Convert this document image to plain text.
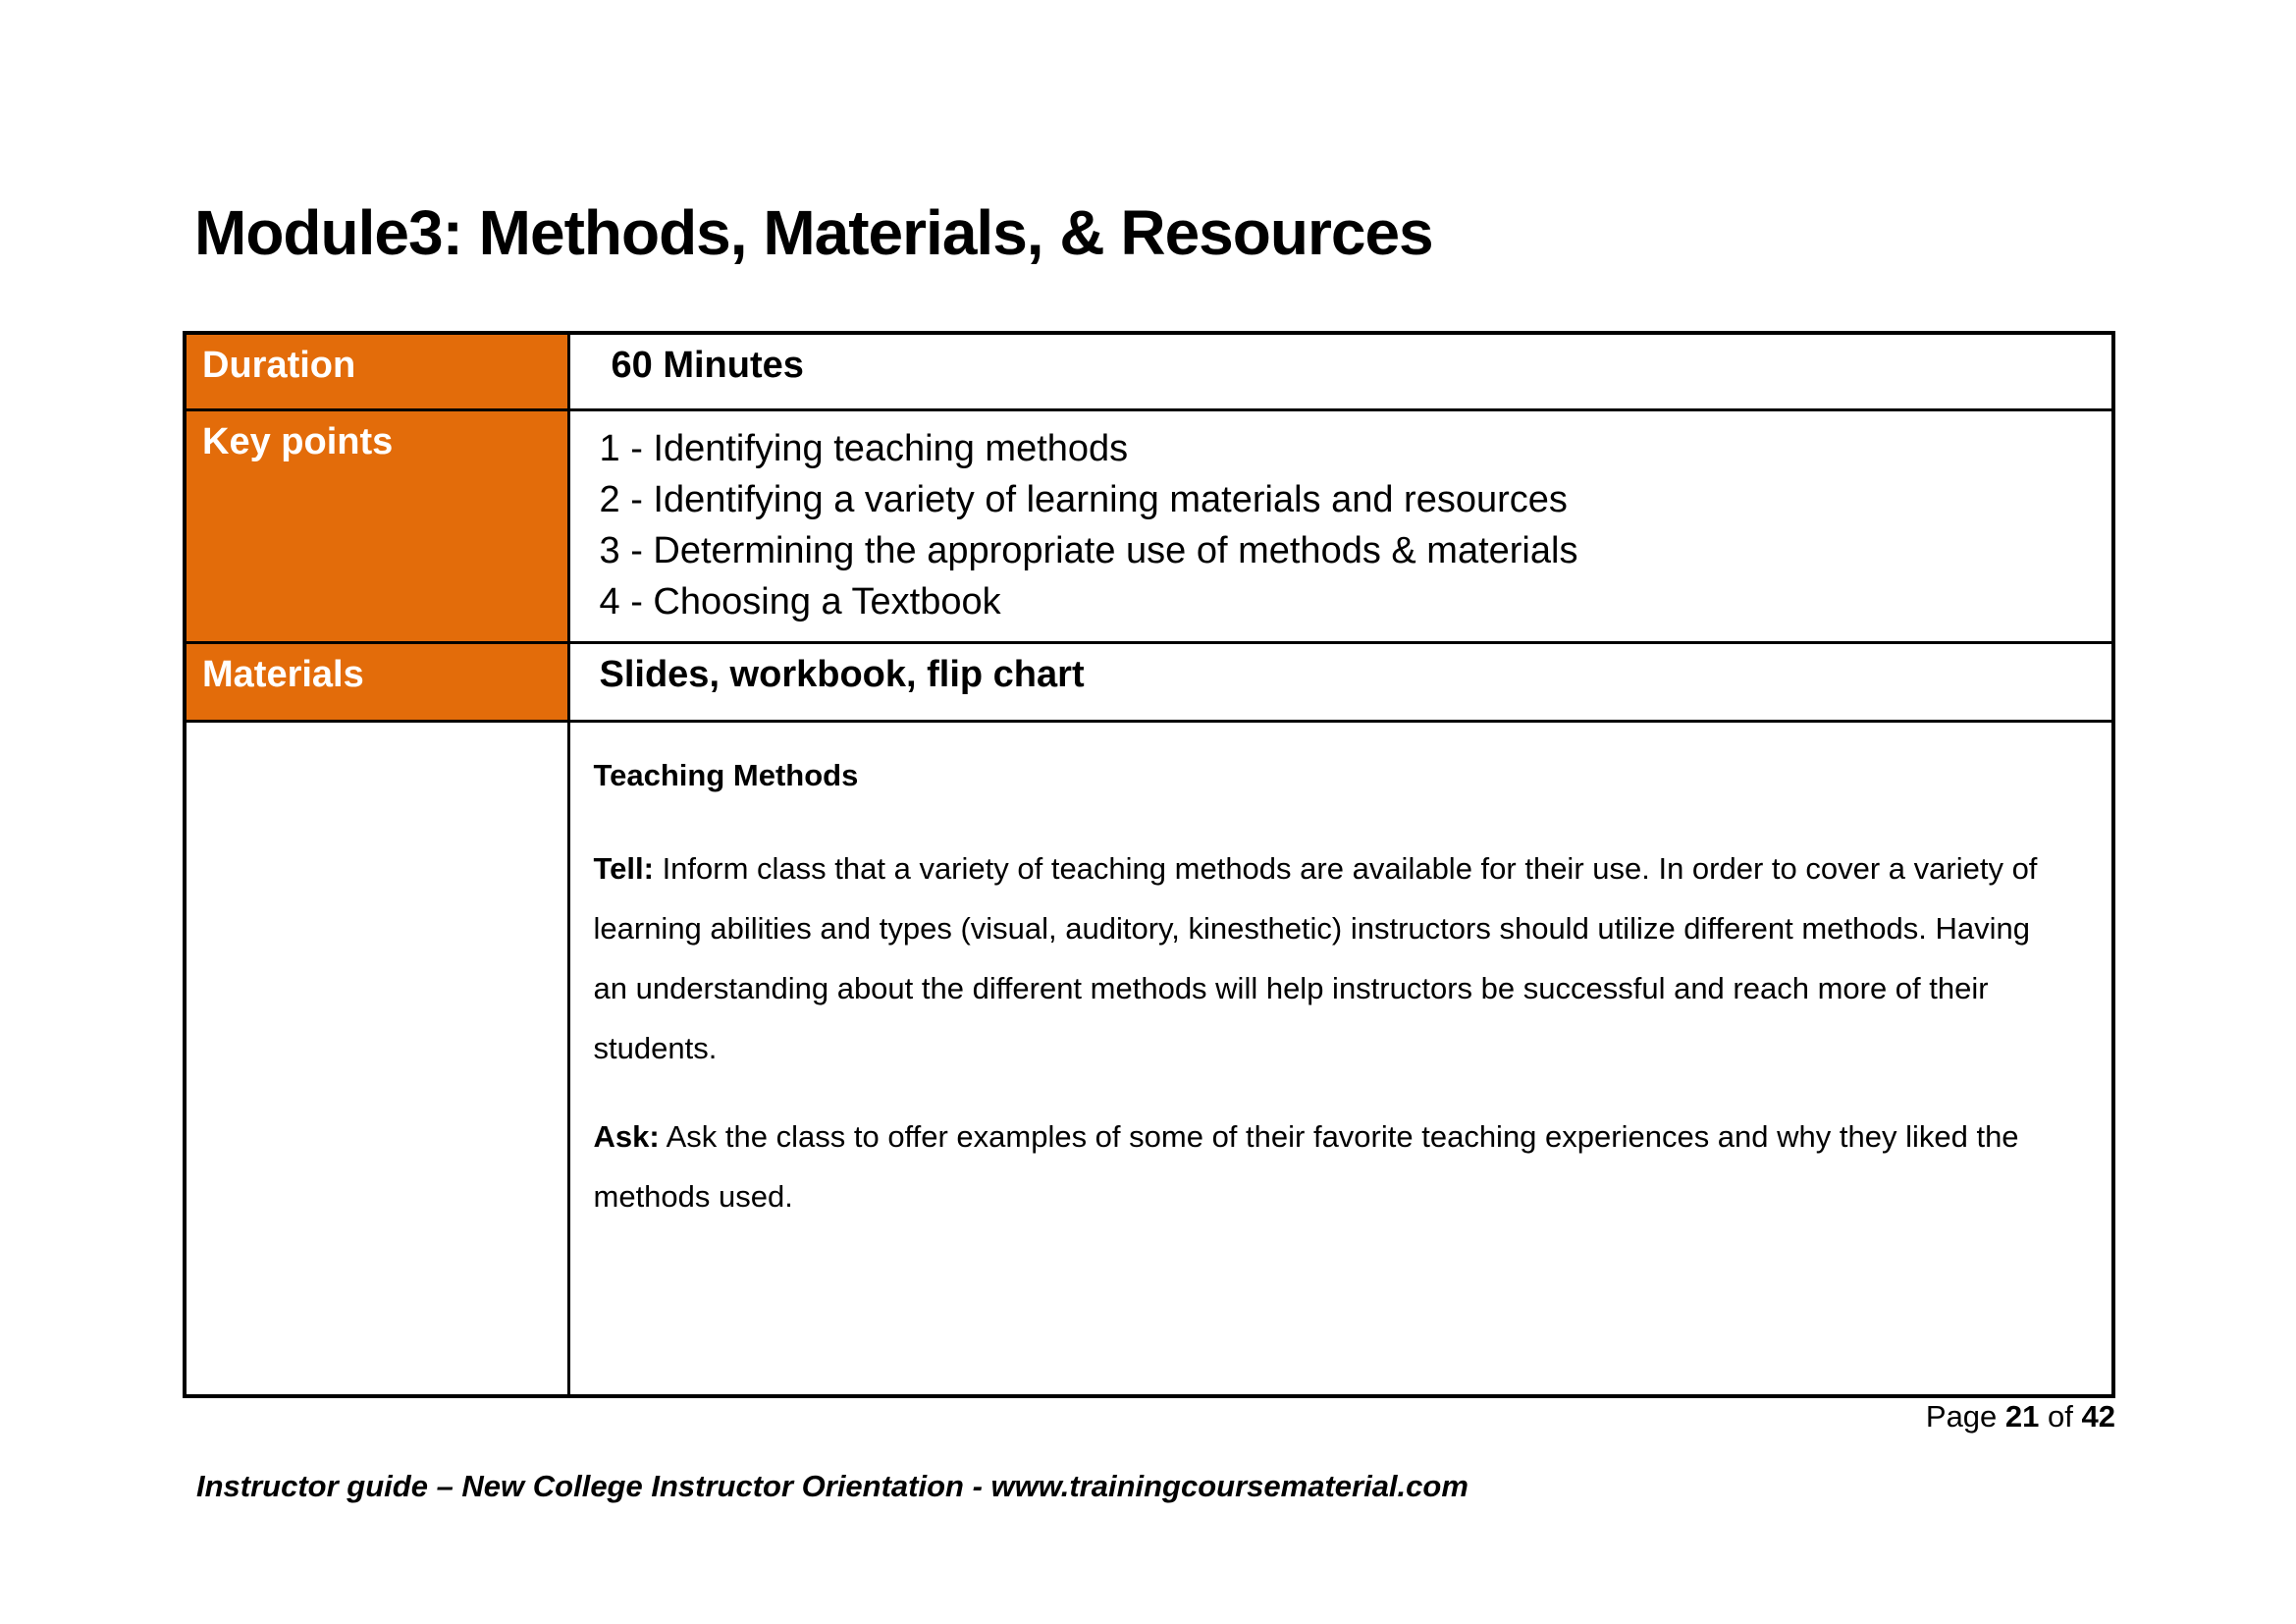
Module3: Methods, Materials, & Resources
Duration	60 Minutes
Key points	1 - Identifying teaching methods
2 - Identifying a variety of learning materials and resources
3 - Determining the appropriate use of methods & materials
4 - Choosing a Textbook

Materials	Slides, workbook, flip chart

	Teaching Methods

Tell: Inform class that a variety of teaching methods are available for their use. In order to cover a variety of learning abilities and types (visual, auditory, kinesthetic) instructors should utilize different methods. Having an understanding about the different methods will help instructors be successful and reach more of their students.

Ask: Ask the class to offer examples of some of their favorite teaching experiences and why they liked the methods used.

Page 21 of 42
Instructor guide – New College Instructor Orientation - www.trainingcoursematerial.com
